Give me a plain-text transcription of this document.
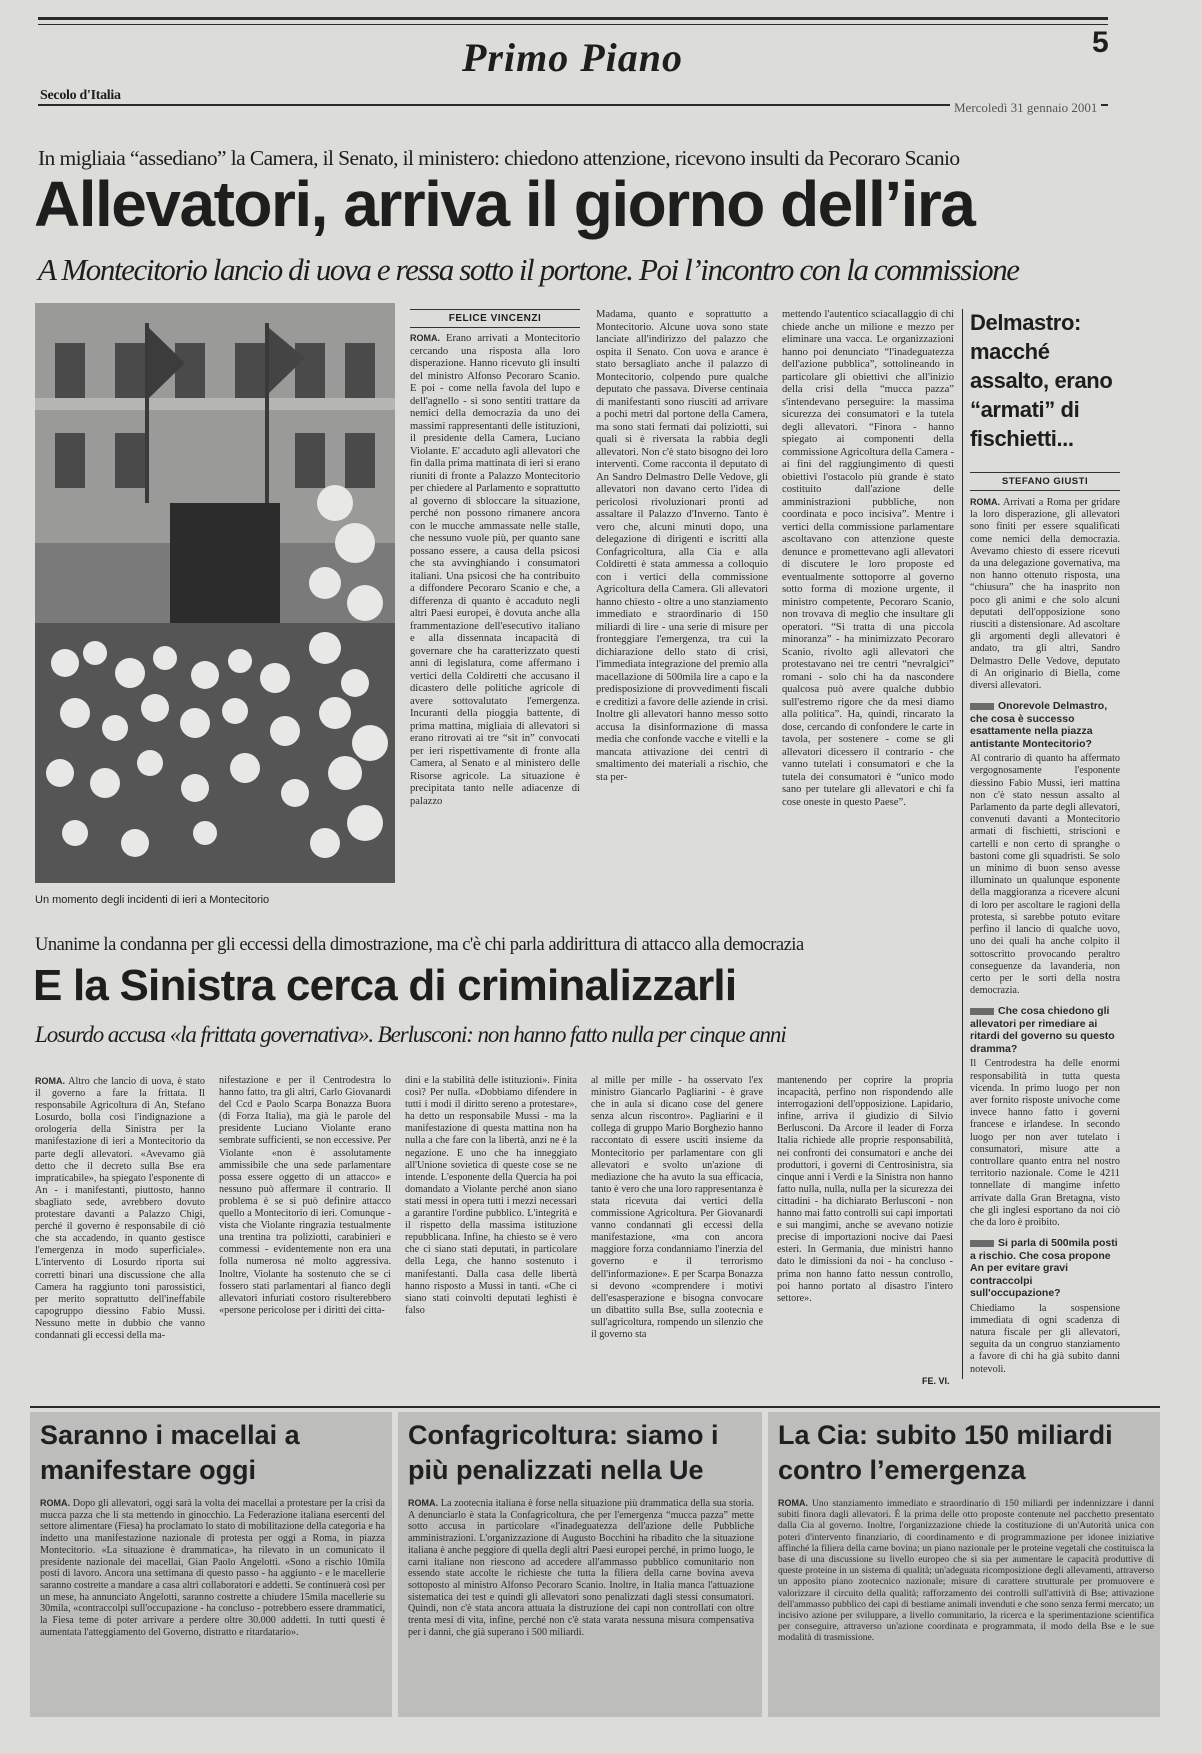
5
Primo Piano
Secolo d'Italia
Mercoledì 31 gennaio 2001
In migliaia “assediano” la Camera, il Senato, il ministero: chiedono attenzione, ricevono insulti da Pecoraro Scanio
Allevatori, arriva il giorno dell’ira
A Montecitorio lancio di uova e ressa sotto il portone. Poi l’incontro con la commissione
Un momento degli incidenti di ieri a Montecitorio
FELICE VINCENZI

ROMA. Erano arrivati a Montecitorio cercando una risposta alla loro disperazione. Hanno ricevuto gli insulti del ministro Alfonso Pecoraro Scanio. E poi - come nella favola del lupo e dell'agnello - si sono sentiti trattare da nemici della democrazia da uno dei massimi rappresentanti delle istituzioni, il presidente della Camera, Luciano Violante. E' accaduto agli allevatori che fin dalla prima mattinata di ieri si erano riuniti di fronte a Palazzo Montecitorio per chiedere al Parlamento e soprattutto al governo di sbloccare la situazione, perché non possono rimanere ancora con le mucche ammassate nelle stalle, che nessuno vuole più, per quanto sane possano essere, a causa della psicosi che sta avvinghiando i consumatori italiani. Una psicosi che ha contribuito a diffondere Pecoraro Scanio e che, a differenza di quanto è accaduto negli altri Paesi europei, è dovuta anche alla frammentazione dell'esecutivo italiano e alla dissennata incapacità di governare che ha caratterizzato questi anni di legislatura, come affermano i vertici della Coldiretti che accusano il dicastero delle politiche agricole di avere sottovalutato l'emergenza. Incuranti della pioggia battente, di prima mattina, migliaia di allevatori si erano ritrovati ai tre “sit in” convocati per ieri rispettivamente di fronte alla Camera, al Senato e al ministero delle Risorse agricole. La situazione è precipitata tanto nelle adiacenze di palazzo

Madama, quanto e soprattutto a Montecitorio. Alcune uova sono state lanciate all'indirizzo del palazzo che ospita il Senato. Con uova e arance è stato bersagliato anche il palazzo di Montecitorio, colpendo pure qualche deputato che passava. Diverse centinaia di manifestanti sono riusciti ad arrivare a pochi metri dal portone della Camera, ma sono stati fermati dai poliziotti, sui quali si è riversata la rabbia degli allevatori. Non c'è stato bisogno dei loro interventi. Come racconta il deputato di An Sandro Delmastro Delle Vedove, gli allevatori non davano certo l'idea di pericolosi rivoluzionari pronti ad assaltare il Palazzo d'Inverno. Tanto è vero che, alcuni minuti dopo, una delegazione di dirigenti e iscritti alla Confagricoltura, alla Cia e alla Coldiretti è stata ammessa a colloquio con i vertici della commissione Agricoltura della Camera. Gli allevatori hanno chiesto - oltre a uno stanziamento immediato e straordinario di 150 miliardi di lire - una serie di misure per fronteggiare l'emergenza, tra cui la dichiarazione dello stato di crisi, l'immediata integrazione del premio alla macellazione di 500mila lire a capo e la predisposizione di provvedimenti fiscali e creditizi a favore delle aziende in crisi. Inoltre gli allevatori hanno messo sotto accusa la disinformazione di massa media che confonde vacche e vitelli e la mancata attivazione dei centri di smaltimento dei materiali a rischio, che sta per-

mettendo l'autentico sciacallaggio di chi chiede anche un milione e mezzo per eliminare una vacca. Le organizzazioni hanno poi denunciato “l'inadeguatezza dell'azione pubblica”, sottolineando in particolare gli obiettivi che all'inizio della crisi della “mucca pazza” s'intendevano perseguire: la massima sicurezza dei consumatori e la tutela degli allevatori. “Finora - hanno spiegato ai componenti della commissione Agricoltura della Camera - ai fini del raggiungimento di questi obiettivi l'ostacolo più grande è stato costituito dall'azione delle amministrazioni pubbliche, non coordinata e poco incisiva”. Mentre i vertici della commissione parlamentare ascoltavano con attenzione queste denunce e promettevano agli allevatori di discutere le loro proposte ed eventualmente sottoporre al governo sotto forma di mozione urgente, il ministro competente, Pecoraro Scanio, non trovava di meglio che insultare gli operatori. “Si tratta di una piccola minoranza” - ha minimizzato Pecoraro Scanio, rivolto agli allevatori che protestavano nei tre centri “nevralgici” romani - solo chi ha da nascondere qualcosa può avere qualche dubbio sull'estremo rigore che da mesi diamo alla politica”. Ha, quindi, rincarato la dose, cercando di confondere le carte in tavola, per sostenere - come se gli allevatori dicessero il contrario - che vanno tutelati i consumatori e che la tutela dei consumatori è “unico modo sano per tutelare gli allevatori e chi fa cose oneste in questo Paese”.

Delmastro: macché assalto, erano “armati” di fischietti...
STEFANO GIUSTI

ROMA. Arrivati a Roma per gridare la loro disperazione, gli allevatori sono finiti per essere squalificati come nemici della democrazia. Avevamo chiesto di essere ricevuti da una delegazione governativa, ma non hanno ottenuto risposta, una “chiusura” che ha inasprito non poco gli animi e che solo alcuni deputati dell'opposizione sono riusciti a distensionare. Ad ascoltare gli argomenti degli allevatori è andato, tra gli altri, Sandro Delmastro Delle Vedove, deputato di An originario di Biella, come diversi allevatori.

Onorevole Delmastro, che cosa è successo esattamente nella piazza antistante Montecitorio?

Al contrario di quanto ha affermato vergognosamente l'esponente diessino Fabio Mussi, ieri mattina non c'è stato nessun assalto al Parlamento da parte degli allevatori, convenuti davanti a Montecitorio armati di fischietti, striscioni e cartelli e non certo di spranghe o bastoni come gli squadristi. Se solo un minimo di buon senso avesse illuminato un qualunque esponente della maggioranza a ricevere alcuni di loro per ascoltare le ragioni della protesta, si sarebbe potuto evitare perfino il lancio di qualche uovo, uno dei quali ha anche colpito il sottoscritto provocando peraltro conseguenze da lavanderia, non certo per le sorti della nostra democrazia.

Che cosa chiedono gli allevatori per rimediare ai ritardi del governo su questo dramma?

Il Centrodestra ha delle enormi responsabilità in tutta questa vicenda. In primo luogo per non aver fornito risposte univoche come invece hanno fatto i governi francese e irlandese. In secondo luogo per non aver tutelato i consumatori, misure atte a controllare quanto entra nel nostro territorio nazionale. Come le 4211 tonnellate di mangime infetto arrivate dalla Gran Bretagna, visto che gli inglesi esportano da noi ciò che da loro è proibito.

Si parla di 500mila posti a rischio. Che cosa propone An per evitare gravi contraccolpi sull'occupazione?

Chiediamo la sospensione immediata di ogni scadenza di natura fiscale per gli allevatori, seguita da un congruo stanziamento a favore di chi ha già subito danni notevoli.

Unanime la condanna per gli eccessi della dimostrazione, ma c'è chi parla addirittura di attacco alla democrazia
E la Sinistra cerca di criminalizzarli
Losurdo accusa «la frittata governativa». Berlusconi: non hanno fatto nulla per cinque anni

ROMA. Altro che lancio di uova, è stato il governo a fare la frittata. Il responsabile Agricoltura di An, Stefano Losurdo, bolla così l'indignazione a orologeria della Sinistra per la manifestazione di ieri a Montecitorio da parte degli allevatori. «Avevamo già detto che il decreto sulla Bse era impraticabile», ha spiegato l'esponente di An - i manifestanti, piuttosto, hanno sbagliato sede, avrebbero dovuto protestare davanti a Palazzo Chigi, perché il governo è responsabile di ciò che sta accadendo, in quanto gestisce l'emergenza in modo superficiale». L'intervento di Losurdo riporta sui corretti binari una discussione che alla Camera ha raggiunto toni parossistici, per merito soprattutto dell'ineffabile capogruppo diessino Fabio Mussi. Nessuno mette in dubbio che vanno condannati gli eccessi della ma-

nifestazione e per il Centrodestra lo hanno fatto, tra gli altri, Carlo Giovanardi del Ccd e Paolo Scarpa Bonazza Buora (di Forza Italia), ma già le parole del presidente Luciano Violante erano sembrate sufficienti, se non eccessive. Per Violante «non è assolutamente ammissibile che una sede parlamentare possa essere oggetto di un attacco» e nessuno può affermare il contrario. Il problema è se si può definire attacco quello a Montecitorio di ieri. Comunque - vista che Violante ringrazia testualmente una trentina tra poliziotti, carabinieri e commessi - evidentemente non era una folla numerosa né molto aggressiva. Inoltre, Violante ha sostenuto che se ci fossero stati parlamentari al fianco degli allevatori infuriati costoro risulterebbero «persone pericolose per i diritti dei citta-

dini e la stabilità delle istituzioni». Finita così? Per nulla. «Dobbiamo difendere in tutti i modi il diritto sereno a protestare», ha detto un responsabile Mussi - ma la manifestazione di questa mattina non ha nulla a che fare con la libertà, anzi ne è la negazione. E uno che ha inneggiato all'Unione sovietica di queste cose se ne intende. L'esponente della Quercia ha poi domandato a Violante perché anon siano stati messi in opera tutti i mezzi necessari a garantire l'ordine pubblico. L'integrità e il rispetto della massima istituzione repubblicana. Infine, ha chiesto se è vero che ci siano stati deputati, in particolare della Lega, che hanno sostenuto i manifestanti. Dalla casa delle libertà hanno risposto a Mussi in tanti. «Che ci siano stati coinvolti deputati leghisti è falso

al mille per mille - ha osservato l'ex ministro Giancarlo Pagliarini - è grave che in aula si dicano cose del genere senza alcun riscontro». Pagliarini e il collega di gruppo Mario Borghezio hanno raccontato di essere usciti insieme da Montecitorio per parlamentare con gli allevatori e svolto un'azione di mediazione che ha avuto la sua efficacia, tanto è vero che una loro rappresentanza è stata ricevuta dai vertici della commissione Agricoltura. Per Giovanardi vanno condannati gli eccessi della manifestazione, «ma con ancora maggiore forza condanniamo l'inerzia del governo e il terrorismo dell'informazione». E per Scarpa Bonazza si devono «comprendere i motivi dell'esasperazione e bisogna convocare un dibattito sulla Bse, sulla zootecnia e sull'agricoltura, rompendo un silenzio che il governo sta

mantenendo per coprire la propria incapacità, perfino non rispondendo alle interrogazioni dell'opposizione. Lapidario, infine, arriva il giudizio di Silvio Berlusconi. Da Arcore il leader di Forza Italia richiede alle proprie responsabilità, nei confronti dei consumatori e anche dei produttori, i governi di Centrosinistra, sia cinque anni i Verdi e la Sinistra non hanno fatto nulla, nulla, nulla per la sicurezza dei cittadini - ha dichiarato Berlusconi - non hanno mai fatto controlli sui capi importati e sui mangimi, anche se avevano notizie precise di importazioni nocive dai Paesi esteri. In Germania, due ministri hanno dato le dimissioni da noi - ha concluso - prima non hanno fatto nessun controllo, poi hanno portato al disastro l'intero settore».

FE. VI.
Saranno i macellai a manifestare oggi

ROMA. Dopo gli allevatori, oggi sarà la volta dei macellai a protestare per la crisi da mucca pazza che li sta mettendo in ginocchio. La Federazione italiana esercenti del settore alimentare (Fiesa) ha proclamato lo stato di mobilitazione della categoria e ha indetto una manifestazione nazionale di protesta per oggi a Roma, in piazza Montecitorio. «La situazione è drammatica», ha rilevato in un comunicato il presidente nazionale dei macellai, Gian Paolo Angelotti. «Sono a rischio 10mila posti di lavoro. Ancora una settimana di questo passo - ha aggiunto - e le macellerie saranno costrette a mandare a casa altri collaboratori e addetti. Se continuerà così per un mese, ha annunciato Angelotti, saranno costrette a chiudere 15mila macellerie su 30mila, «contraccolpi sull'occupazione - ha concluso - potrebbero essere drammatici, la Fiesa teme di poter arrivare a perdere oltre 30.000 addetti. In tutti questi è aumentata l'atteggiamento del Governo, distratto e ritardatario».

Confagricoltura: siamo i più penalizzati nella Ue

ROMA. La zootecnia italiana è forse nella situazione più drammatica della sua storia. A denunciarlo è stata la Confagricoltura, che per l'emergenza “mucca pazza” mette sotto accusa in particolare «l'inadeguatezza dell'azione delle Pubbliche amministrazioni. L'organizzazione di Augusto Bocchini ha ribadito che la situazione italiana è anche peggiore di quella degli altri Paesi europei perché, in primo luogo, le carni italiane non riescono ad accedere all'ammasso pubblico comunitario non essendo state accolte le richieste che tutta la filiera della carne bovina aveva sottoposto al ministro Alfonso Pecoraro Scanio. Inoltre, in Italia manca l'attuazione sistematica dei test e quindi gli allevatori sono penalizzati dagli stessi consumatori. Quindi, non c'è stata ancora attuata la distruzione dei capi non controllati con oltre trenta mesi di vita, infine, perché non c'è stata varata nessuna misura compensativa per i danni, che già superano i 500 miliardi.

La Cia: subito 150 miliardi contro l’emergenza

ROMA. Uno stanziamento immediato e straordinario di 150 miliardi per indennizzare i danni subiti finora dagli allevatori. È la prima delle otto proposte contenute nel pacchetto presentato dalla Cia al governo. Inoltre, l'organizzazione chiede la costituzione di un'Autorità unica con poteri d'intervento finanziario, di coordinamento e di programmazione per idonee iniziative affinché la filiera della carne bovina; un piano nazionale per le proteine vegetali che costituisca la base di una discussione su livello europeo che si sia per aumentare le capacità produttive di queste proteine in un sistema di qualità; un'adeguata ricomposizione degli allevamenti, attraverso un apposito piano zootecnico nazionale; misure di carattere strutturale per promuovere e valorizzare il circuito della qualità; rafforzamento dei controlli sull'attività di Bse; attivazione dell'ammasso pubblico dei capi di bestiame animali invenduti e che sono senza fermi mercato; un incisivo azione per sviluppare, a livello comunitario, la ricerca e la sperimentazione scientifica per conseguire, attraverso un'azione coordinata e programmata, il modo della Bse e le sue modalità di trasmissione.
